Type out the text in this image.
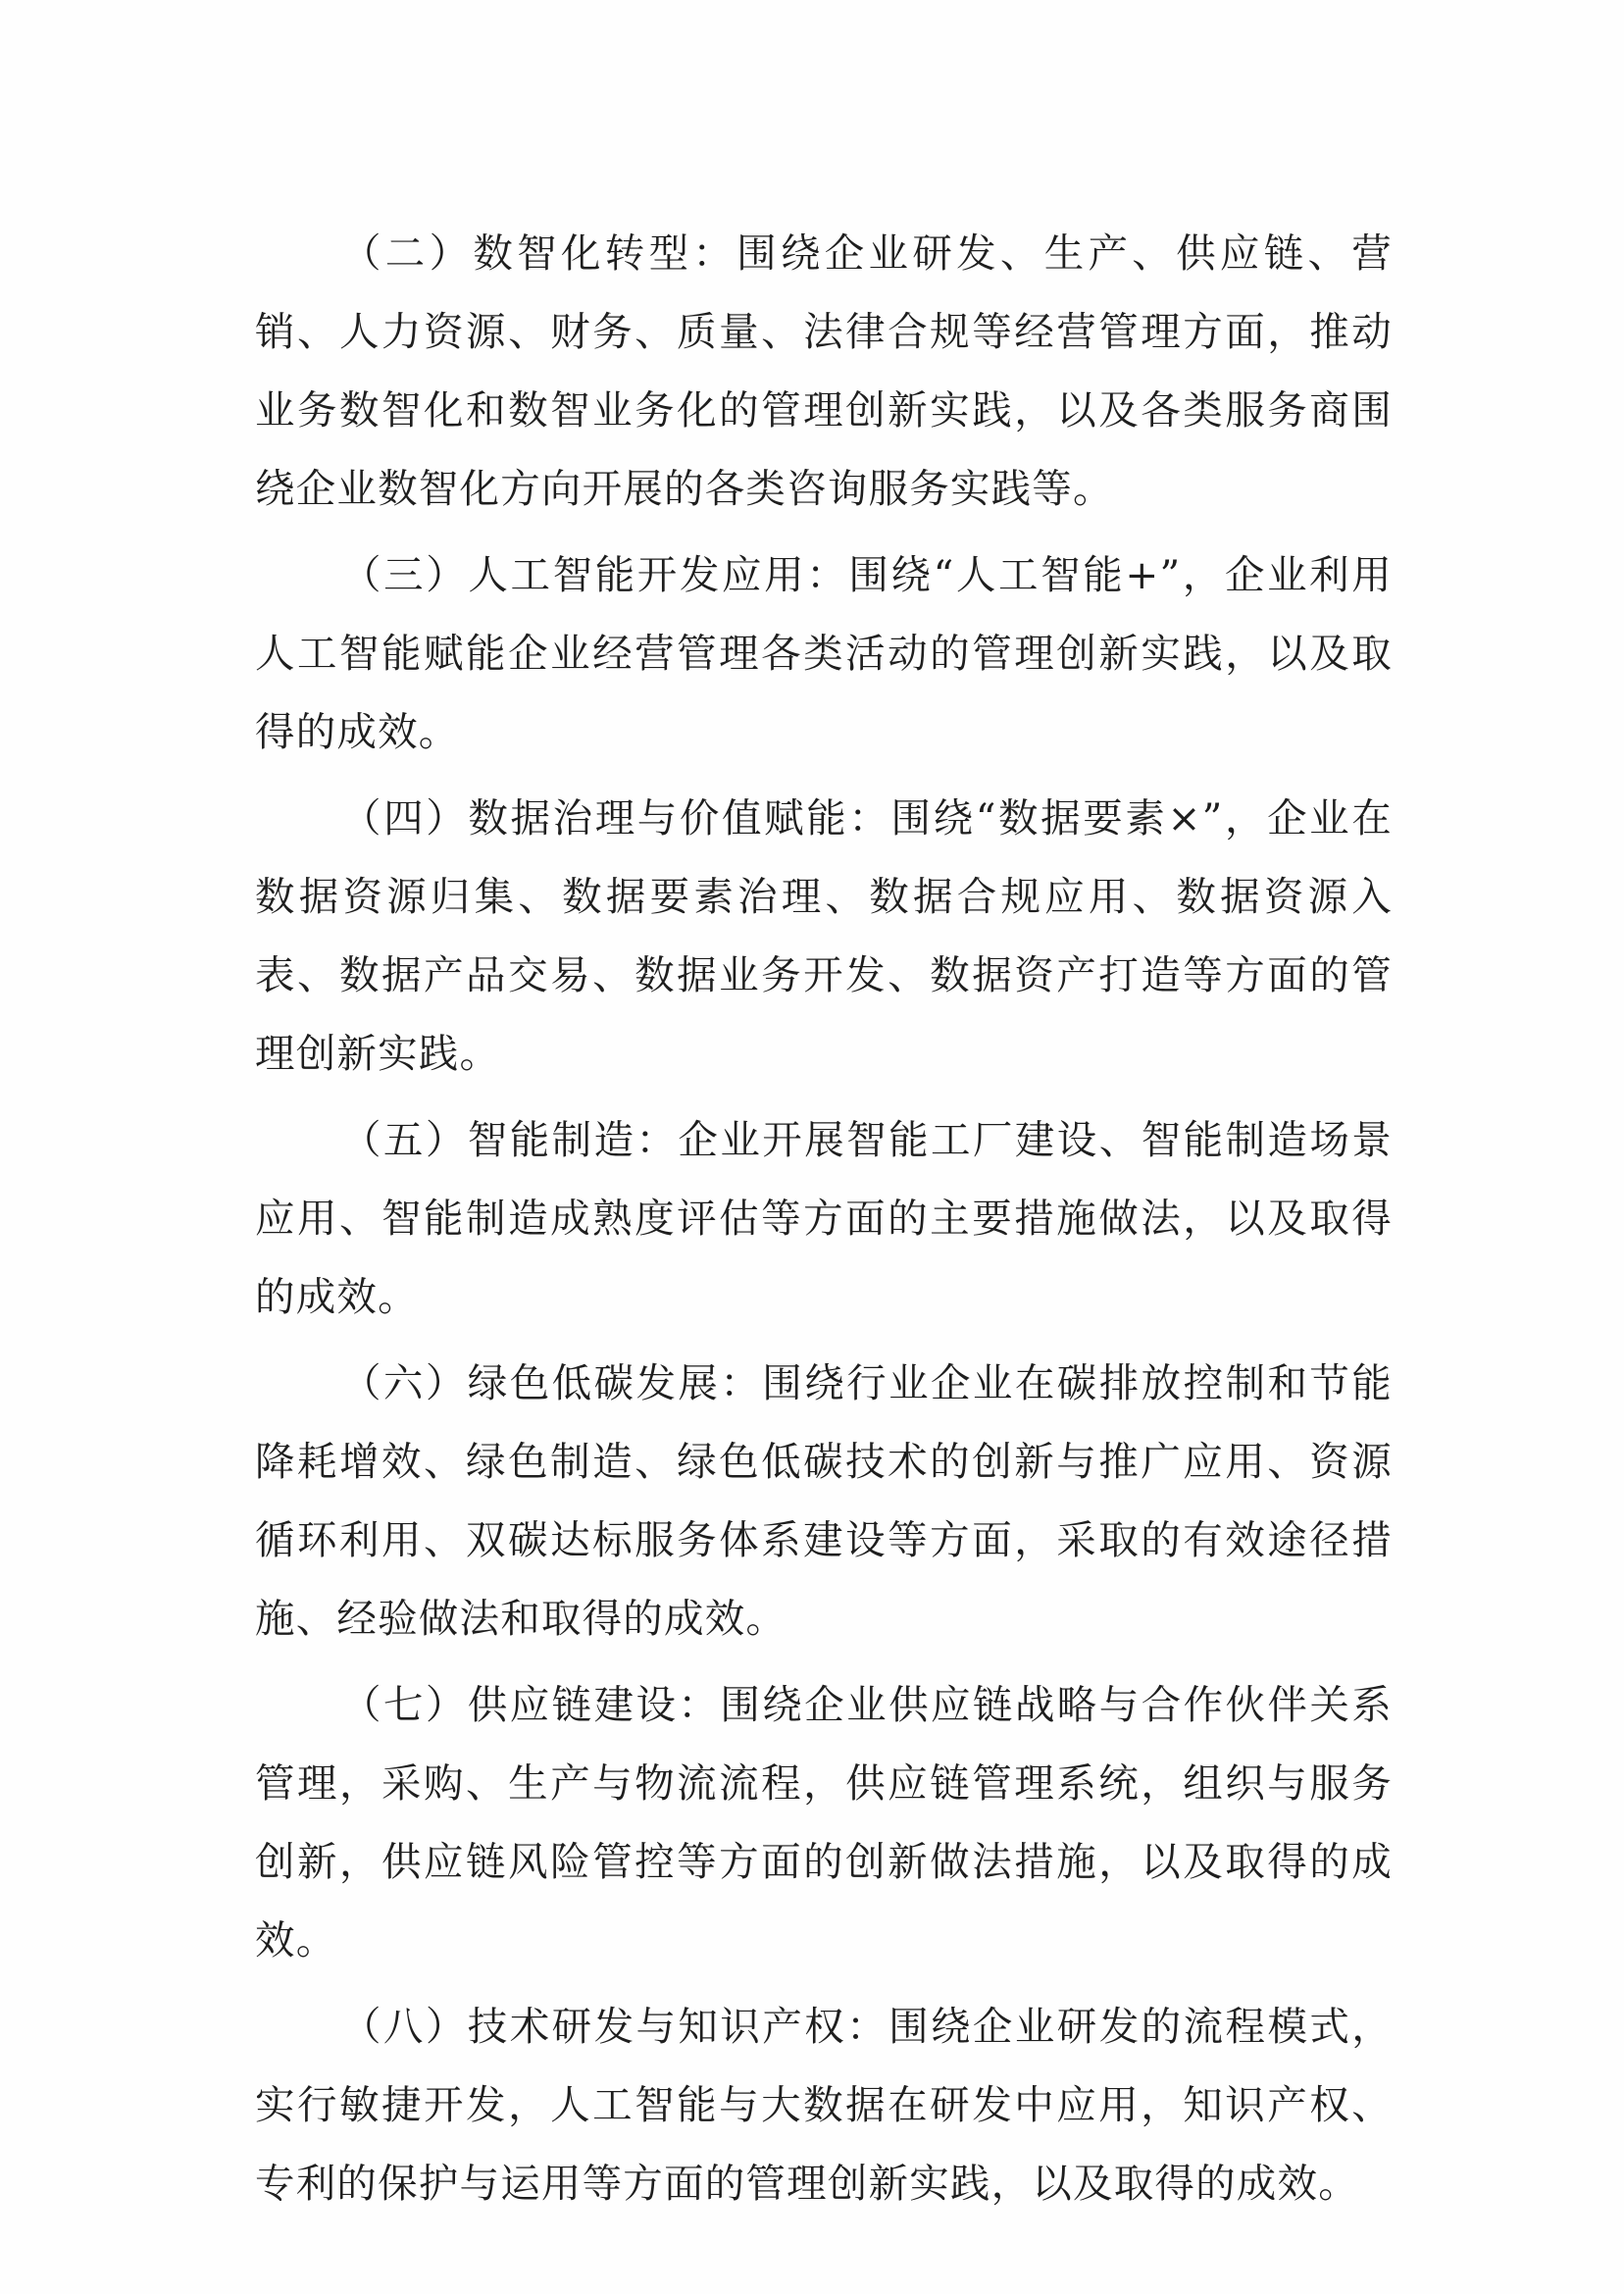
（二）数智化转型：围绕企业研发、生产、供应链、营销、人力资源、财务、质量、法律合规等经营管理方面，推动业务数智化和数智业务化的管理创新实践，以及各类服务商围绕企业数智化方向开展的各类咨询服务实践等。

（三）人工智能开发应用：围绕“人工智能+”，企业利用人工智能赋能企业经营管理各类活动的管理创新实践，以及取得的成效。

（四）数据治理与价值赋能：围绕“数据要素×”，企业在数据资源归集、数据要素治理、数据合规应用、数据资源入表、数据产品交易、数据业务开发、数据资产打造等方面的管理创新实践。

（五）智能制造：企业开展智能工厂建设、智能制造场景应用、智能制造成熟度评估等方面的主要措施做法，以及取得的成效。

（六）绿色低碳发展：围绕行业企业在碳排放控制和节能降耗增效、绿色制造、绿色低碳技术的创新与推广应用、资源循环利用、双碳达标服务体系建设等方面，采取的有效途径措施、经验做法和取得的成效。

（七）供应链建设：围绕企业供应链战略与合作伙伴关系管理，采购、生产与物流流程，供应链管理系统，组织与服务创新，供应链风险管控等方面的创新做法措施，以及取得的成效。

（八）技术研发与知识产权：围绕企业研发的流程模式，实行敏捷开发，人工智能与大数据在研发中应用，知识产权、专利的保护与运用等方面的管理创新实践，以及取得的成效。
